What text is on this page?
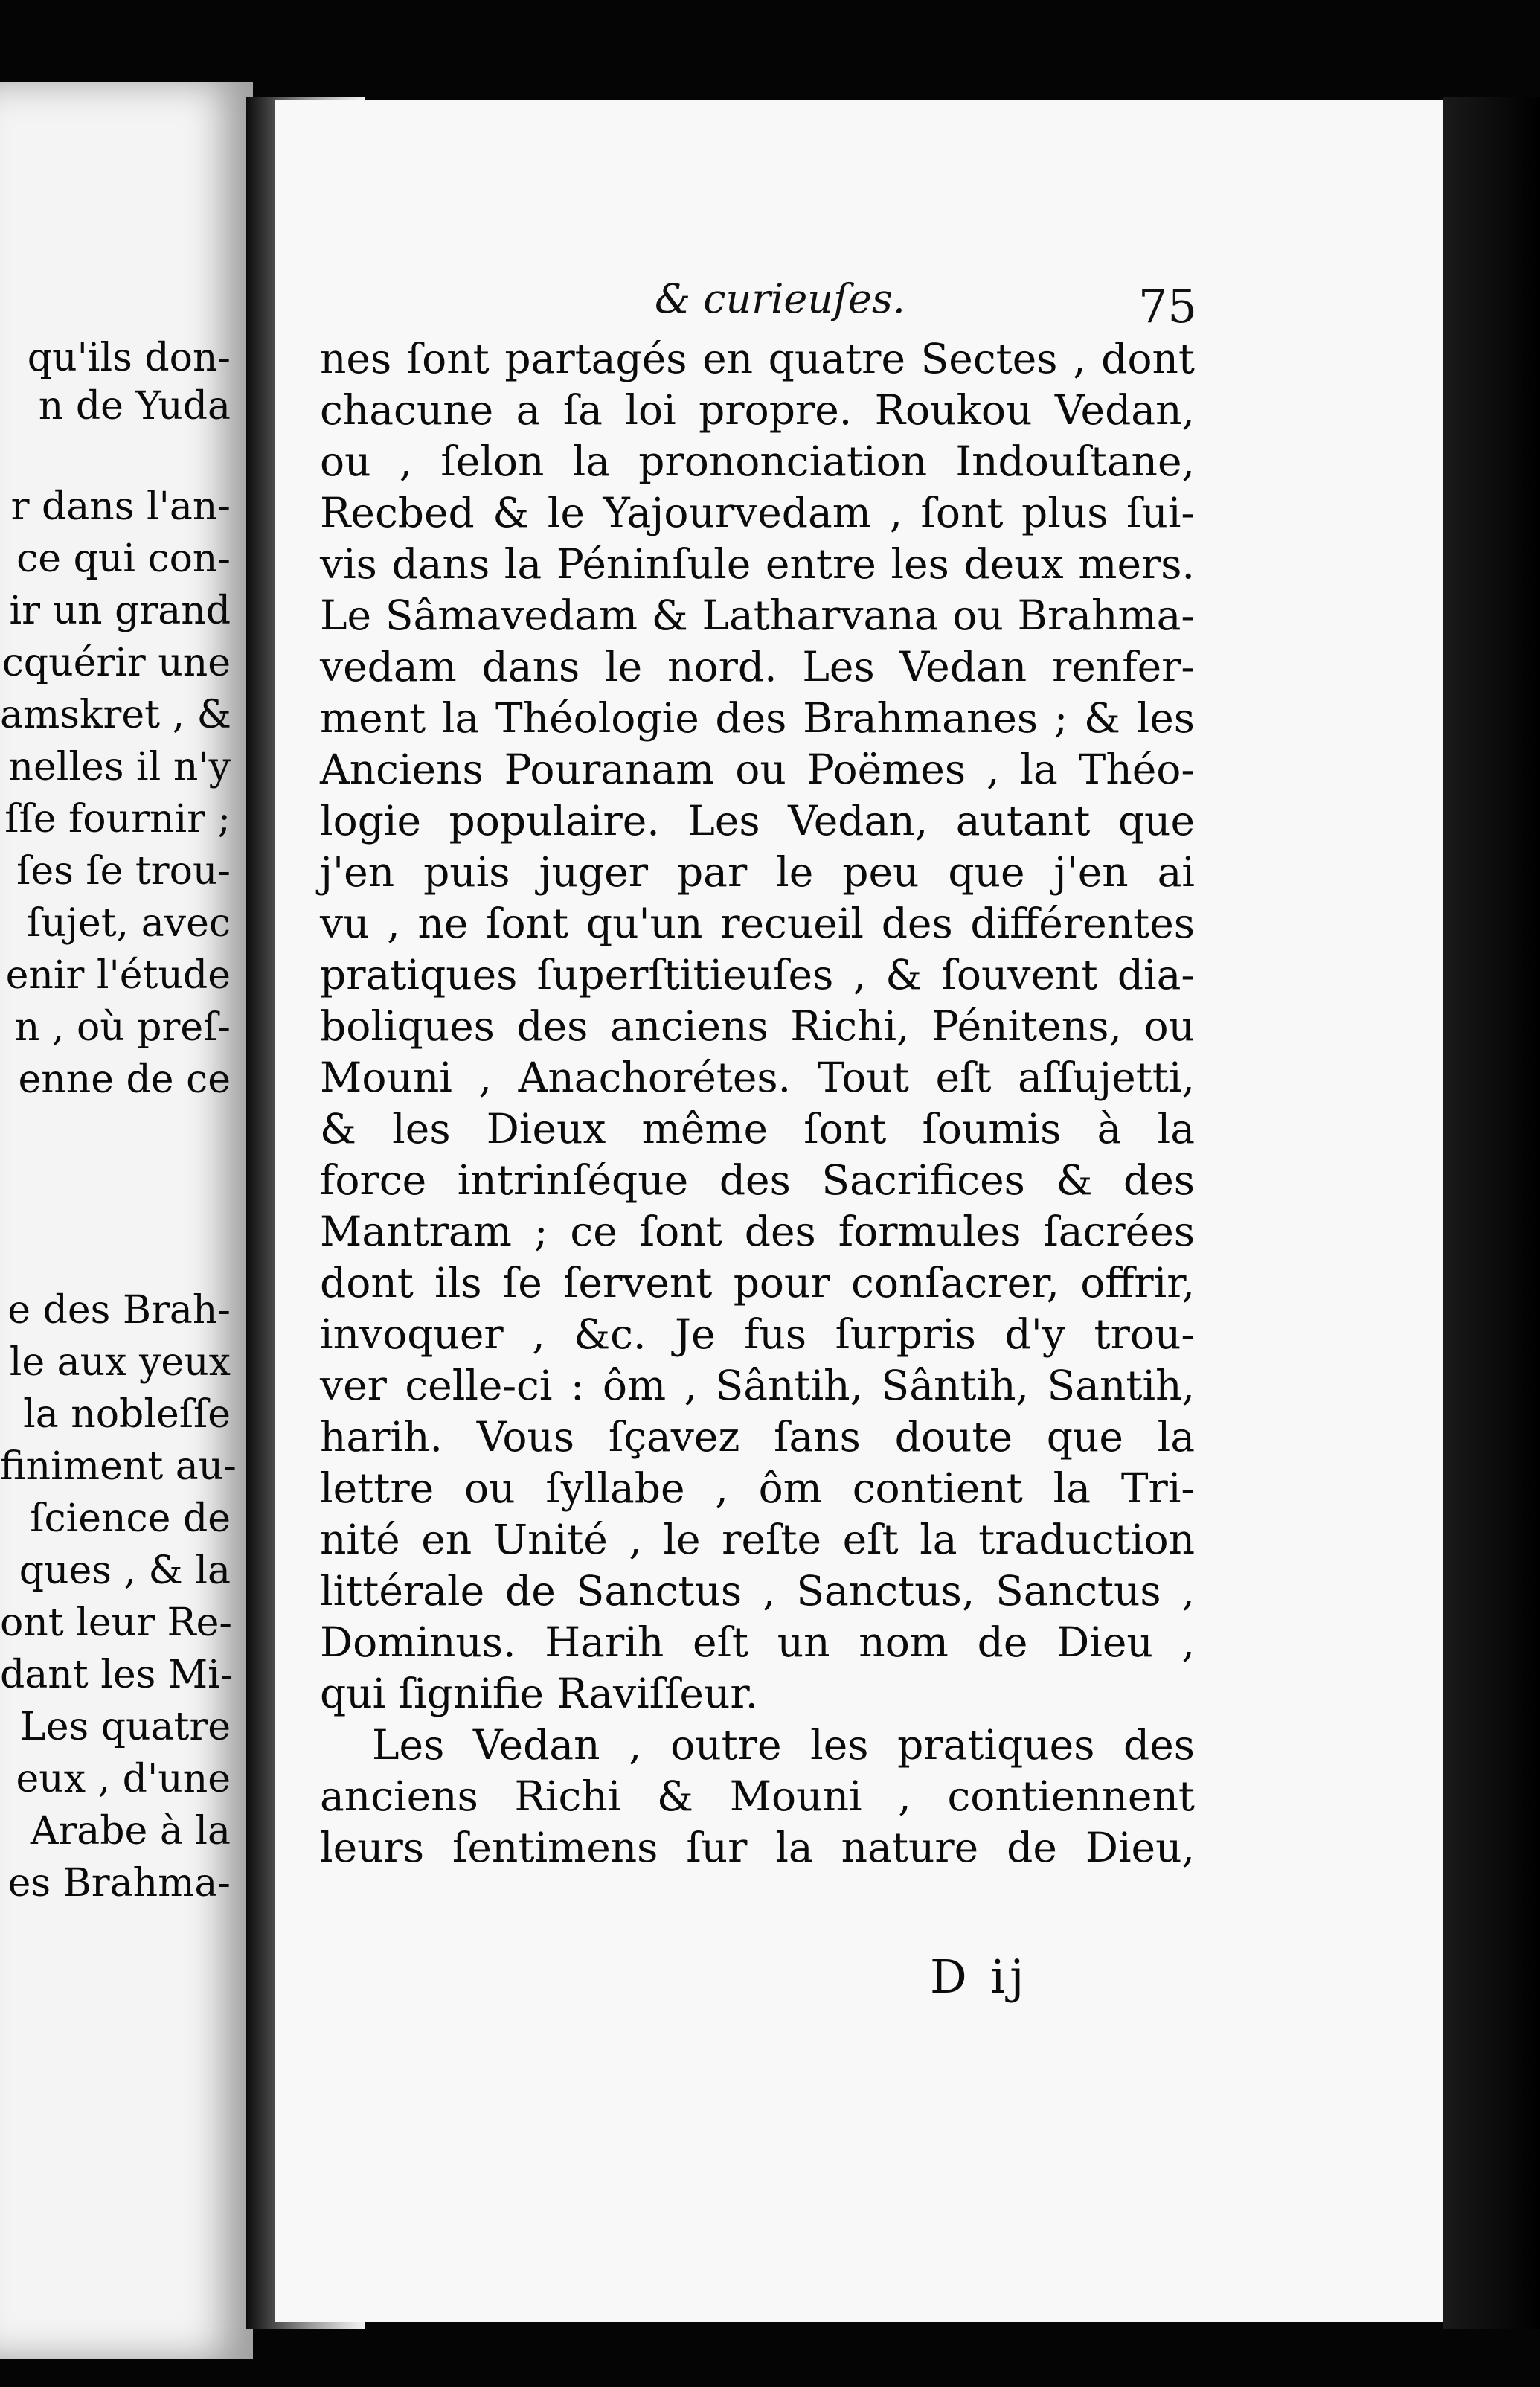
qu'ils don-
n de Yuda
r dans l'an-
ce qui con-
ir un grand
cquérir une
amskret , &
nelles il n'y
ſſe fournir ;
ſes ſe trou-
ſujet, avec
enir l'étude
n , où preſ-
enne de ce
e des Brah-
le aux yeux
la nobleſſe
finiment au-
ſcience de
ques , & la
ont leur Re-
dant les Mi-
Les quatre
eux , d'une
Arabe à la
es Brahma-
& curieuſes.	75
nes ſont partagés en quatre Sectes , dont
chacune a ſa loi propre. Roukou Vedan,
ou , ſelon la prononciation Indouſtane,
Recbed & le Yajourvedam , ſont plus ſui-
vis dans la Péninſule entre les deux mers.
Le Sâmavedam & Latharvana ou Brahma-
vedam dans le nord. Les Vedan renfer-
ment la Théologie des Brahmanes ; & les
Anciens Pouranam ou Poëmes , la Théo-
logie populaire. Les Vedan, autant que
j'en puis juger par le peu que j'en ai
vu , ne ſont qu'un recueil des différentes
pratiques ſuperſtitieuſes , & ſouvent dia-
boliques des anciens Richi, Pénitens, ou
Mouni , Anachorétes. Tout eſt aſſujetti,
& les Dieux même ſont ſoumis à la
force intrinſéque des Sacrifices & des
Mantram ; ce ſont des formules ſacrées
dont ils ſe ſervent pour conſacrer, offrir,
invoquer , &c. Je fus ſurpris d'y trou-
ver celle-ci : ôm , Sântih, Sântih, Santih,
harih. Vous ſçavez ſans doute que la
lettre ou ſyllabe , ôm contient la Tri-
nité en Unité , le reſte eſt la traduction
littérale de Sanctus , Sanctus, Sanctus ,
Dominus. Harih eſt un nom de Dieu ,
qui ſignifie Raviſſeur.
Les Vedan , outre les pratiques des
anciens Richi & Mouni , contiennent
leurs ſentimens ſur la nature de Dieu,
D ij
